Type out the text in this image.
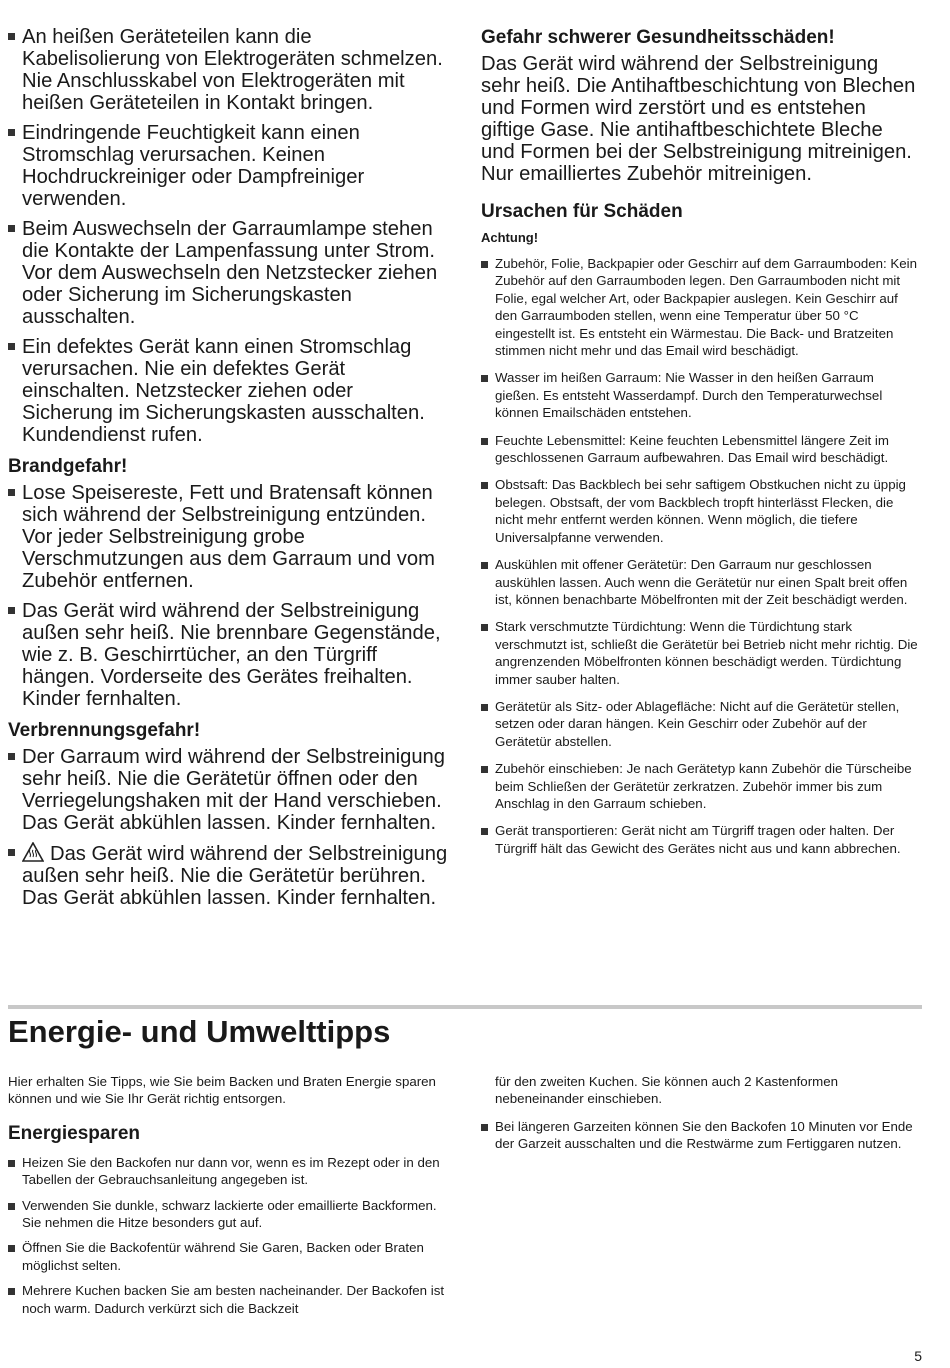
An heißen Geräteteilen kann die Kabelisolierung von Elektrogeräten schmelzen. Nie Anschlusskabel von Elektrogeräten mit heißen Geräteteilen in Kontakt bringen.
Eindringende Feuchtigkeit kann einen Stromschlag verursachen. Keinen Hochdruckreiniger oder Dampfreiniger verwenden.
Beim Auswechseln der Garraumlampe stehen die Kontakte der Lampenfassung unter Strom. Vor dem Auswechseln den Netzstecker ziehen oder Sicherung im Sicherungskasten ausschalten.
Ein defektes Gerät kann einen Stromschlag verursachen. Nie ein defektes Gerät einschalten. Netzstecker ziehen oder Sicherung im Sicherungskasten ausschalten. Kundendienst rufen.
Brandgefahr!
Lose Speisereste, Fett und Bratensaft können sich während der Selbstreinigung entzünden. Vor jeder Selbstreinigung grobe Verschmutzungen aus dem Garraum und vom Zubehör entfernen.
Das Gerät wird während der Selbstreinigung außen sehr heiß. Nie brennbare Gegenstände, wie z. B. Geschirrtücher, an den Türgriff hängen. Vorderseite des Gerätes freihalten. Kinder fernhalten.
Verbrennungsgefahr!
Der Garraum wird während der Selbstreinigung sehr heiß. Nie die Gerätetür öffnen oder den Verriegelungshaken mit der Hand verschieben. Das Gerät abkühlen lassen. Kinder fernhalten.
Das Gerät wird während der Selbstreinigung außen sehr heiß. Nie die Gerätetür berühren. Das Gerät abkühlen lassen. Kinder fernhalten.
Gefahr schwerer Gesundheitsschäden!

Das Gerät wird während der Selbstreinigung sehr heiß. Die Antihaftbeschichtung von Blechen und Formen wird zerstört und es entstehen giftige Gase. Nie antihaftbeschichtete Bleche und Formen bei der Selbstreinigung mitreinigen. Nur emailliertes Zubehör mitreinigen.

Ursachen für Schäden
Achtung!
Zubehör, Folie, Backpapier oder Geschirr auf dem Garraumboden: Kein Zubehör auf den Garraumboden legen. Den Garraumboden nicht mit Folie, egal welcher Art, oder Backpapier auslegen. Kein Geschirr auf den Garraumboden stellen, wenn eine Temperatur über 50 °C eingestellt ist. Es entsteht ein Wärmestau. Die Back- und Bratzeiten stimmen nicht mehr und das Email wird beschädigt.
Wasser im heißen Garraum: Nie Wasser in den heißen Garraum gießen. Es entsteht Wasserdampf. Durch den Temperaturwechsel können Emailschäden entstehen.
Feuchte Lebensmittel: Keine feuchten Lebensmittel längere Zeit im geschlossenen Garraum aufbewahren. Das Email wird beschädigt.
Obstsaft: Das Backblech bei sehr saftigem Obstkuchen nicht zu üppig belegen. Obstsaft, der vom Backblech tropft hinterlässt Flecken, die nicht mehr entfernt werden können. Wenn möglich, die tiefere Universalpfanne verwenden.
Auskühlen mit offener Gerätetür: Den Garraum nur geschlossen auskühlen lassen. Auch wenn die Gerätetür nur einen Spalt breit offen ist, können benachbarte Möbelfronten mit der Zeit beschädigt werden.
Stark verschmutzte Türdichtung: Wenn die Türdichtung stark verschmutzt ist, schließt die Gerätetür bei Betrieb nicht mehr richtig. Die angrenzenden Möbelfronten können beschädigt werden. Türdichtung immer sauber halten.
Gerätetür als Sitz- oder Ablagefläche: Nicht auf die Gerätetür stellen, setzen oder daran hängen. Kein Geschirr oder Zubehör auf der Gerätetür abstellen.
Zubehör einschieben: Je nach Gerätetyp kann Zubehör die Türscheibe beim Schließen der Gerätetür zerkratzen. Zubehör immer bis zum Anschlag in den Garraum schieben.
Gerät transportieren: Gerät nicht am Türgriff tragen oder halten. Der Türgriff hält das Gewicht des Gerätes nicht aus und kann abbrechen.
Energie- und Umwelttipps

Hier erhalten Sie Tipps, wie Sie beim Backen und Braten Energie sparen können und wie Sie Ihr Gerät richtig entsorgen.

Energiesparen
Heizen Sie den Backofen nur dann vor, wenn es im Rezept oder in den Tabellen der Gebrauchsanleitung angegeben ist.
Verwenden Sie dunkle, schwarz lackierte oder emaillierte Backformen. Sie nehmen die Hitze besonders gut auf.
Öffnen Sie die Backofentür während Sie Garen, Backen oder Braten möglichst selten.
Mehrere Kuchen backen Sie am besten nacheinander. Der Backofen ist noch warm. Dadurch verkürzt sich die Backzeit

für den zweiten Kuchen. Sie können auch 2 Kastenformen nebeneinander einschieben.

Bei längeren Garzeiten können Sie den Backofen 10 Minuten vor Ende der Garzeit ausschalten und die Restwärme zum Fertiggaren nutzen.
5
